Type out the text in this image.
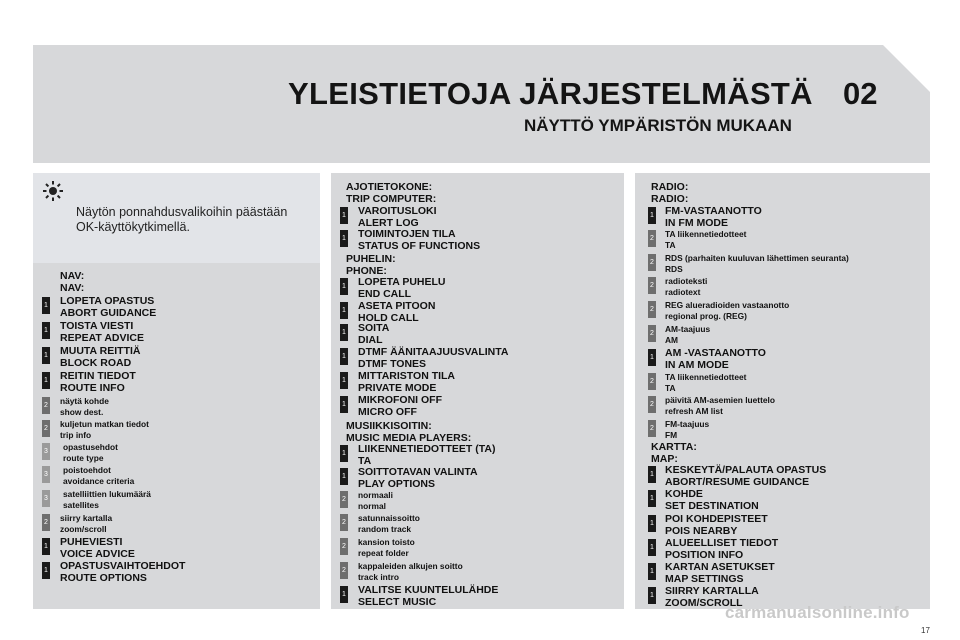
YLEISTIETOJA JÄRJESTELMÄSTÄ 02
NÄYTTÖ YMPÄRISTÖN MUKAAN
Näytön ponnahdusvalikoihin päästään OK-käyttökytkimellä.
NAV:
NAV:
1 LOPETA OPASTUS
ABORT GUIDANCE
1 TOISTA VIESTI
REPEAT ADVICE
1 MUUTA REITTIÄ
BLOCK ROAD
1 REITIN TIEDOT
ROUTE INFO
2 näytä kohde
show dest.
2 kuljetun matkan tiedot
trip info
3 opastusehdot
route type
3 poistoehdot
avoidance criteria
3 satelliittien lukumäärä
satellites
2 siirry kartalla
zoom/scroll
1 PUHEVIESTI
VOICE ADVICE
1 OPASTUSVAIHTOEHDOT
ROUTE OPTIONS
AJOTIETOKONE:
TRIP COMPUTER:
1 VAROITUSLOKI
ALERT LOG
1 TOIMINTOJEN TILA
STATUS OF FUNCTIONS
PUHELIN:
PHONE:
1 LOPETA PUHELU
END CALL
1 ASETA PITOON
HOLD CALL
1 SOITA
DIAL
1 DTMF ÄÄNITAAJUUSVALINTA
DTMF TONES
1 MITTARISTON TILA
PRIVATE MODE
1 MIKROFONI OFF
MICRO OFF
MUSIIKKISOITIN:
MUSIC MEDIA PLAYERS:
1 LIIKENNETIEDOTTEET (TA)
TA
1 SOITTOTAVAN VALINTA
PLAY OPTIONS
2 normaali
normal
2 satunnaissoitto
random track
2 kansion toisto
repeat folder
2 kappaleiden alkujen soitto
track intro
1 VALITSE KUUNTELULÄHDE
SELECT MUSIC
RADIO:
RADIO:
1 FM-VASTAANOTTO
IN FM MODE
2 TA liikennetiedotteet
TA
2 RDS (parhaiten kuuluvan lähettimen seuranta)
RDS
2 radioteksti
radiotext
2 REG alueradioiden vastaanotto
regional prog. (REG)
2 AM-taajuus
AM
1 AM -VASTAANOTTO
IN AM MODE
2 TA liikennetiedotteet
TA
2 päivitä AM-asemien luettelo
refresh AM list
2 FM-taajuus
FM
KARTTA:
MAP:
1 KESKEYTÄ/PALAUTA OPASTUS
ABORT/RESUME GUIDANCE
1 KOHDE
SET DESTINATION
1 POI KOHDEPISTEET
POIS NEARBY
1 ALUEELLISET TIEDOT
POSITION INFO
1 KARTAN ASETUKSET
MAP SETTINGS
1 SIIRRY KARTALLA
ZOOM/SCROLL
carmanualsonline.info
17
